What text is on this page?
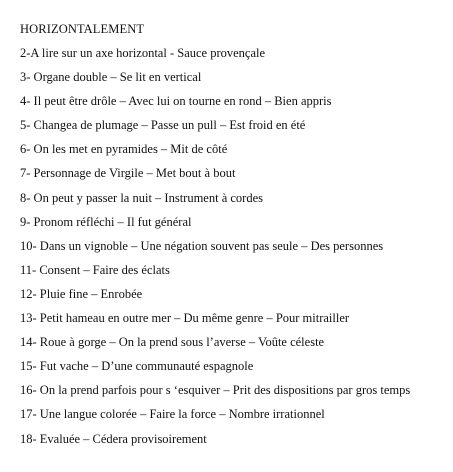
HORIZONTALEMENT
2-A lire sur un axe horizontal - Sauce provençale
3- Organe double – Se lit en vertical
4- Il peut être drôle – Avec lui on tourne en rond – Bien appris
5- Changea de plumage – Passe un pull – Est froid en été
6- On les met en pyramides – Mit de côté
7- Personnage de Virgile – Met bout à bout
8- On peut y passer la nuit – Instrument à cordes
9- Pronom réfléchi – Il fut général
10- Dans un vignoble – Une négation souvent pas seule – Des personnes
11- Consent – Faire des éclats
12- Pluie fine – Enrobée
13- Petit hameau en outre mer – Du même genre – Pour mitrailler
14- Roue à gorge – On la prend sous l’averse – Voûte céleste
15- Fut vache – D’une communauté espagnole
16- On la prend parfois pour s ‘esquiver – Prit des dispositions par gros temps
17- Une langue colorée – Faire la force – Nombre irrationnel
18- Evaluée – Cédera provisoirement
